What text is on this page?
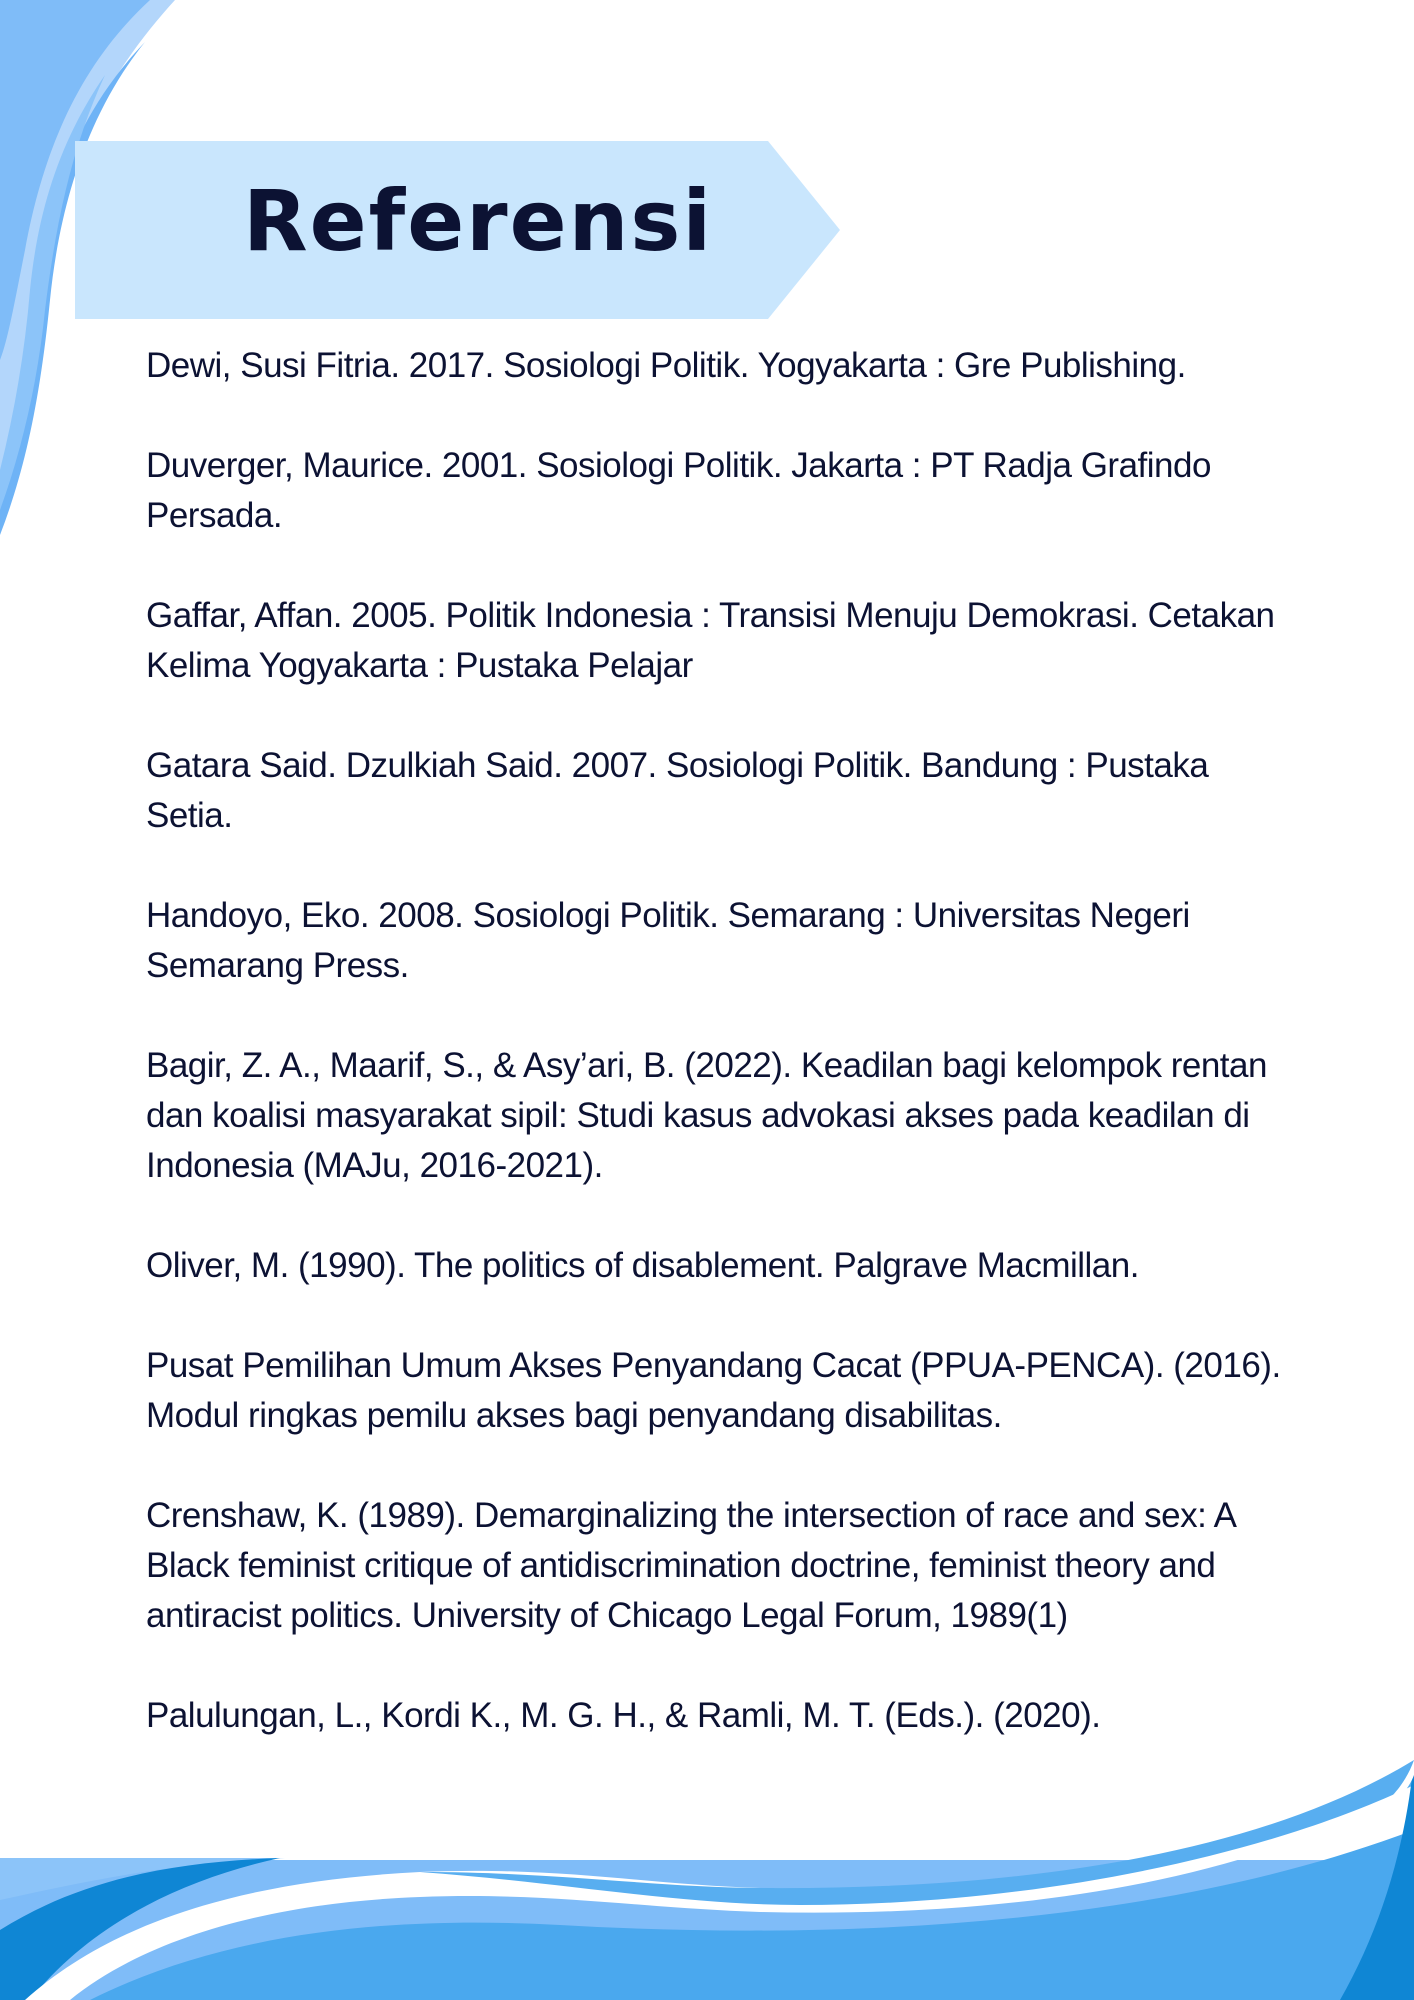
Referensi

Dewi, Susi Fitria. 2017. Sosiologi Politik. Yogyakarta : Gre Publishing.

Duverger, Maurice. 2001. Sosiologi Politik. Jakarta : PT Radja Grafindo Persada.

Gaffar, Affan. 2005. Politik Indonesia : Transisi Menuju Demokrasi. Cetakan Kelima Yogyakarta : Pustaka Pelajar

Gatara Said. Dzulkiah Said. 2007. Sosiologi Politik. Bandung : Pustaka Setia.

Handoyo, Eko. 2008. Sosiologi Politik. Semarang : Universitas Negeri Semarang Press.

Bagir, Z. A., Maarif, S., & Asy’ari, B. (2022). Keadilan bagi kelompok rentan dan koalisi masyarakat sipil: Studi kasus advokasi akses pada keadilan di Indonesia (MAJu, 2016-2021).

Oliver, M. (1990). The politics of disablement. Palgrave Macmillan.

Pusat Pemilihan Umum Akses Penyandang Cacat (PPUA-PENCA). (2016). Modul ringkas pemilu akses bagi penyandang disabilitas.

Crenshaw, K. (1989). Demarginalizing the intersection of race and sex: A Black feminist critique of antidiscrimination doctrine, feminist theory and antiracist politics. University of Chicago Legal Forum, 1989(1)

Palulungan, L., Kordi K., M. G. H., & Ramli, M. T. (Eds.). (2020).
